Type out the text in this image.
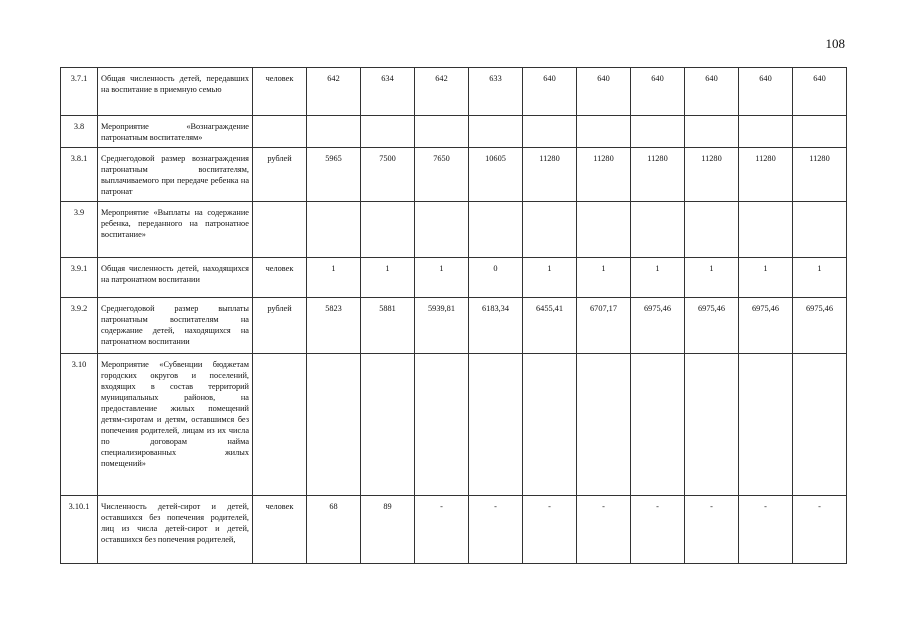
108
3.7.1	Общая численность детей, передавших на воспитание в приемную семью	человек	642	634	642	633	640	640	640	640	640	640
3.8	Мероприятие «Вознаграждение патронатным воспитателям»											
3.8.1	Среднегодовой размер вознаграждения патронатным воспитателям, выплачиваемого при передаче ребенка на патронат	рублей	5965	7500	7650	10605	11280	11280	11280	11280	11280	11280
3.9	Мероприятие «Выплаты на содержание ребенка, переданного на патронатное воспитание»											
3.9.1	Общая численность детей, находящихся на патронатном воспитании	человек	1	1	1	0	1	1	1	1	1	1
3.9.2	Среднегодовой размер выплаты патронатным воспитателям на содержание детей, находящихся на патронатном воспитании	рублей	5823	5881	5939,81	6183,34	6455,41	6707,17	6975,46	6975,46	6975,46	6975,46
3.10	Мероприятие «Субвенции бюджетам городских округов и поселений, входящих в состав территорий муниципальных районов, на предоставление жилых помещений детям-сиротам и детям, оставшимся без попечения родителей, лицам из их числа по договорам найма специализированных жилых помещений»											
3.10.1	Численность детей-сирот и детей, оставшихся без попечения родителей, лиц из числа детей-сирот и детей, оставшихся без попечения родителей,	человек	68	89	-	-	-	-	-	-	-	-
